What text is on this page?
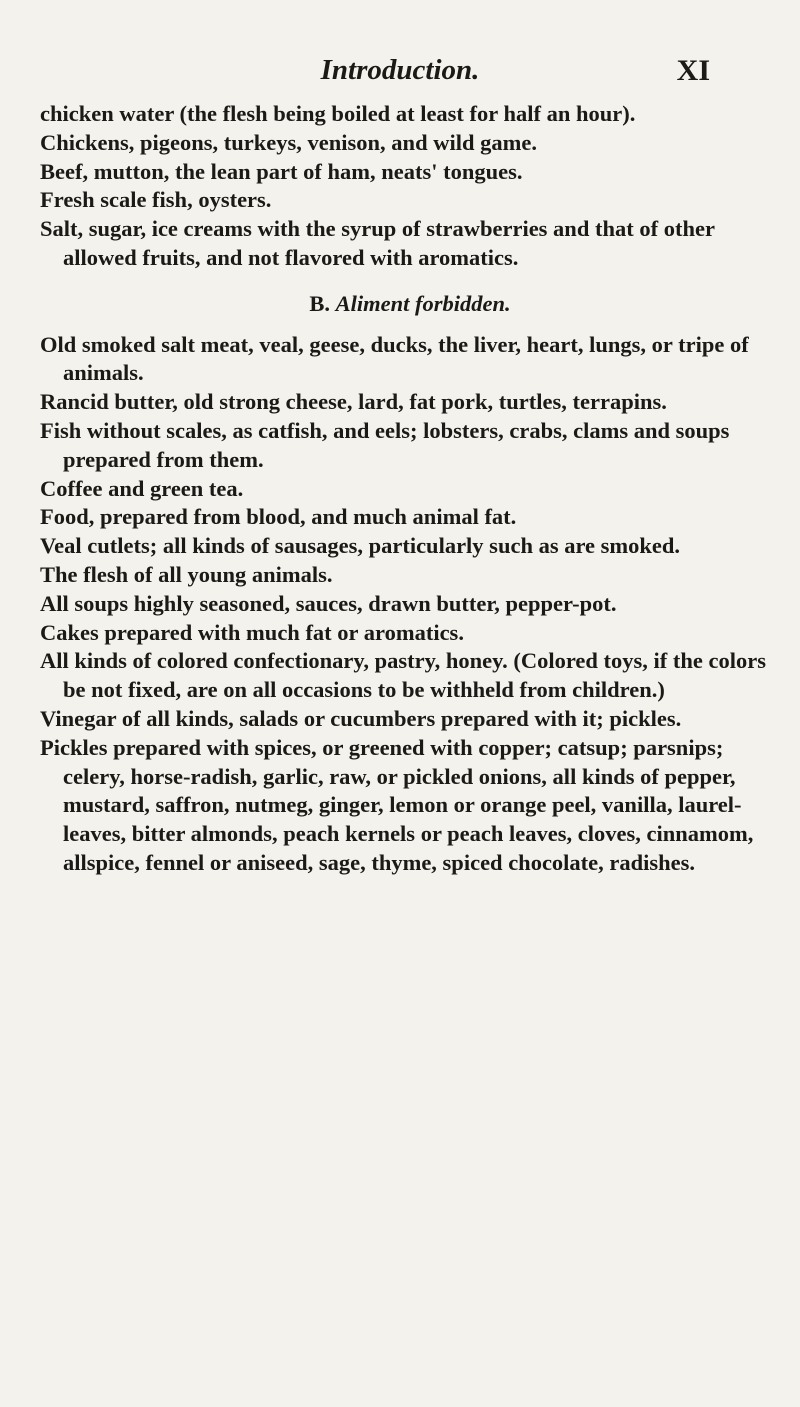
Introduction.	XI
chicken water (the flesh being boiled at least for half an hour).
Chickens, pigeons, turkeys, venison, and wild game.
Beef, mutton, the lean part of ham, neats' tongues.
Fresh scale fish, oysters.
Salt, sugar, ice creams with the syrup of strawberries and that of other allowed fruits, and not flavored with aromatics.
B. Aliment forbidden.
Old smoked salt meat, veal, geese, ducks, the liver, heart, lungs, or tripe of animals.
Rancid butter, old strong cheese, lard, fat pork, turtles, terrapins.
Fish without scales, as catfish, and eels; lobsters, crabs, clams and soups prepared from them.
Coffee and green tea.
Food, prepared from blood, and much animal fat.
Veal cutlets; all kinds of sausages, particularly such as are smoked.
The flesh of all young animals.
All soups highly seasoned, sauces, drawn butter, pepper-pot.
Cakes prepared with much fat or aromatics.
All kinds of colored confectionary, pastry, honey. (Colored toys, if the colors be not fixed, are on all occasions to be withheld from children.)
Vinegar of all kinds, salads or cucumbers prepared with it; pickles.
Pickles prepared with spices, or greened with copper; catsup; parsnips; celery, horse-radish, garlic, raw, or pickled onions, all kinds of pepper, mustard, saffron, nutmeg, ginger, lemon or orange peel, vanilla, laurel-leaves, bitter almonds, peach kernels or peach leaves, cloves, cinnamom, allspice, fennel or aniseed, sage, thyme, spiced chocolate, radishes.
